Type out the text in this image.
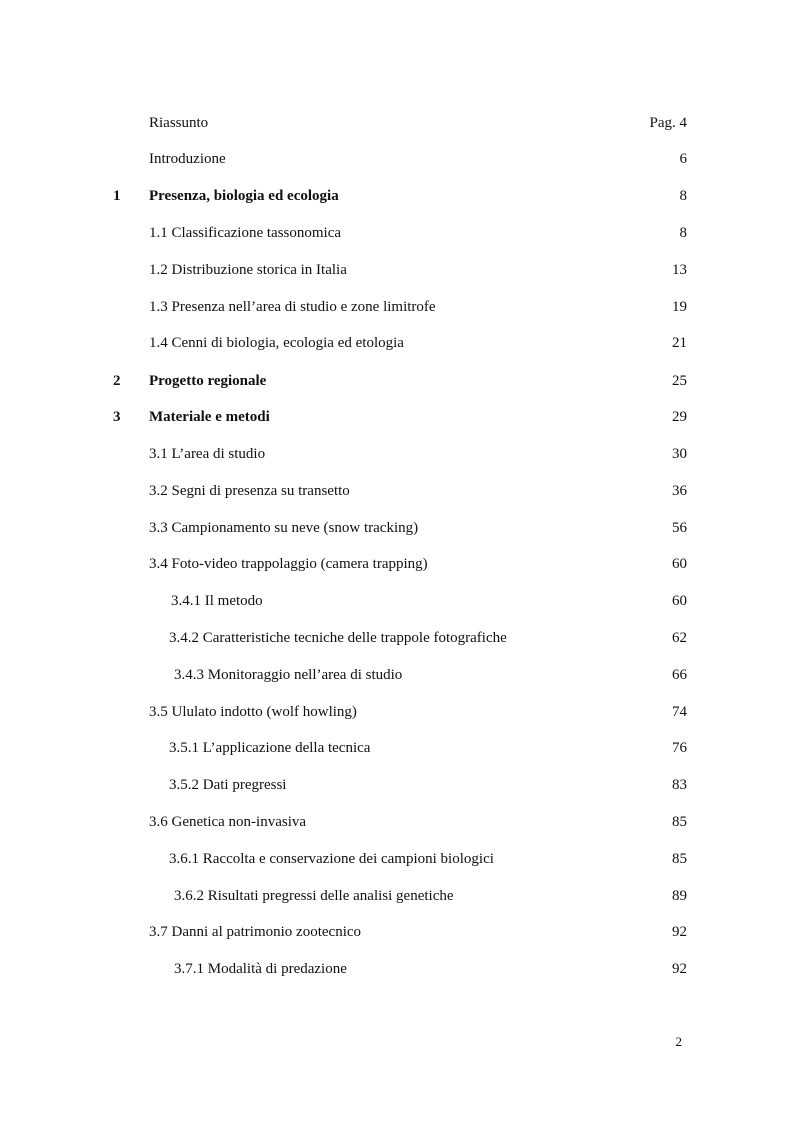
Riassunto	Pag. 4
Introduzione	6
1 Presenza, biologia ed ecologia	8
1.1 Classificazione tassonomica	8
1.2 Distribuzione storica in Italia	13
1.3 Presenza nell’area di studio e zone limitrofe	19
1.4 Cenni di biologia, ecologia ed etologia	21
2 Progetto regionale	25
3 Materiale e metodi	29
3.1 L’area di studio	30
3.2 Segni di presenza su transetto	36
3.3 Campionamento su neve (snow tracking)	56
3.4 Foto-video trappolaggio (camera trapping)	60
3.4.1 Il metodo	60
3.4.2 Caratteristiche tecniche delle trappole fotografiche	62
3.4.3 Monitoraggio nell’area di studio	66
3.5 Ululato indotto (wolf howling)	74
3.5.1 L’applicazione della tecnica	76
3.5.2 Dati pregressi	83
3.6 Genetica non-invasiva	85
3.6.1 Raccolta e conservazione dei campioni biologici	85
3.6.2 Risultati pregressi delle analisi genetiche	89
3.7 Danni al patrimonio zootecnico	92
3.7.1 Modalità di predazione	92
2
